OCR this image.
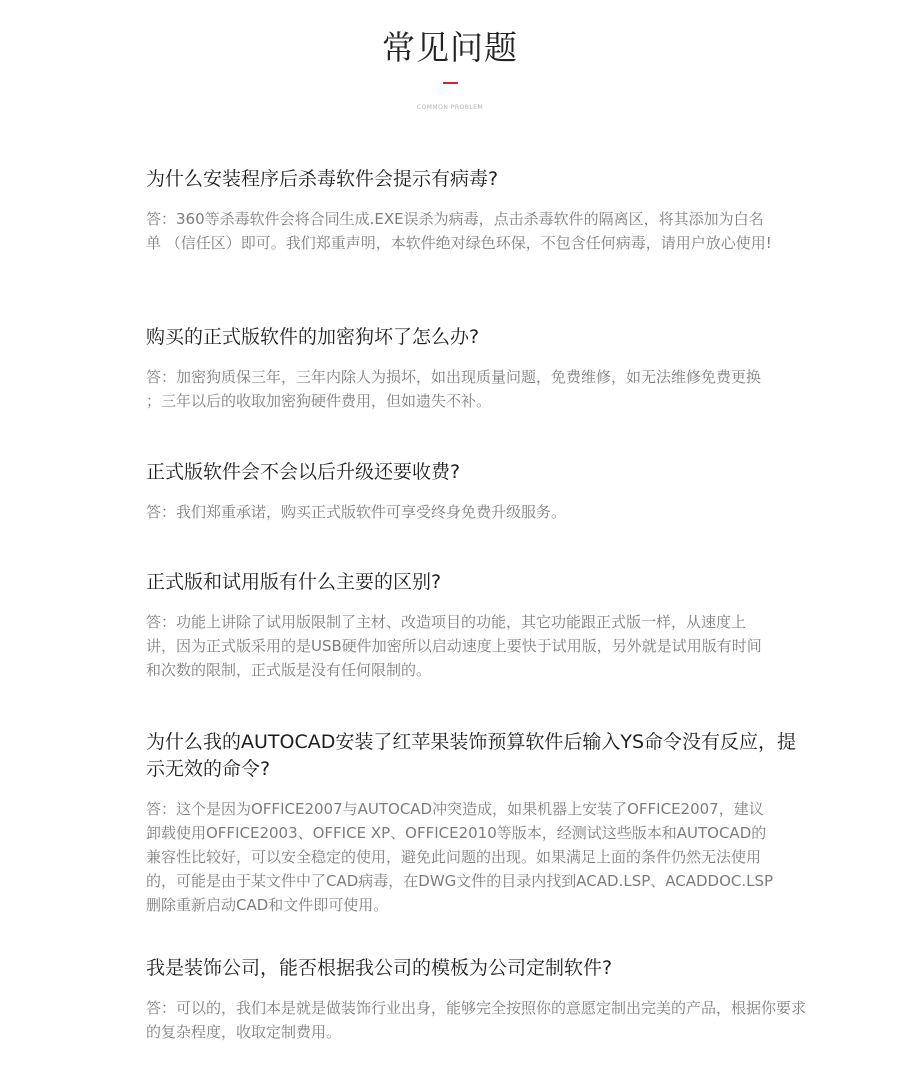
常见问题
COMMON PROBLEM
为什么安装程序后杀毒软件会提示有病毒?

答：360等杀毒软件会将合同生成.EXE误杀为病毒，点击杀毒软件的隔离区，将其添加为白名单 （信任区）即可。我们郑重声明，本软件绝对绿色环保，不包含任何病毒，请用户放心使用!

购买的正式版软件的加密狗坏了怎么办?

答：加密狗质保三年，三年内除人为损坏，如出现质量问题，免费维修，如无法维修免费更换 ；三年以后的收取加密狗硬件费用，但如遗失不补。

正式版软件会不会以后升级还要收费?

答：我们郑重承诺，购买正式版软件可享受终身免费升级服务。

正式版和试用版有什么主要的区别?

答：功能上讲除了试用版限制了主材、改造项目的功能，其它功能跟正式版一样，从速度上 讲，因为正式版采用的是USB硬件加密所以启动速度上要快于试用版，另外就是试用版有时间和次数的限制，正式版是没有任何限制的。

为什么我的AUTOCAD安装了红苹果装饰预算软件后输入YS命令没有反应，提示无效的命令?

答：这个是因为OFFICE2007与AUTOCAD冲突造成，如果机器上安装了OFFICE2007，建议卸载使用OFFICE2003、OFFICE XP、OFFICE2010等版本，经测试这些版本和AUTOCAD的兼容性比较好，可以安全稳定的使用，避免此问题的出现。如果满足上面的条件仍然无法使用的，可能是由于某文件中了CAD病毒，在DWG文件的目录内找到ACAD.LSP、ACADDOC.LSP删除重新启动CAD和文件即可使用。

我是装饰公司，能否根据我公司的模板为公司定制软件?

答：可以的，我们本是就是做装饰行业出身，能够完全按照你的意愿定制出完美的产品，根据你要求的复杂程度，收取定制费用。
